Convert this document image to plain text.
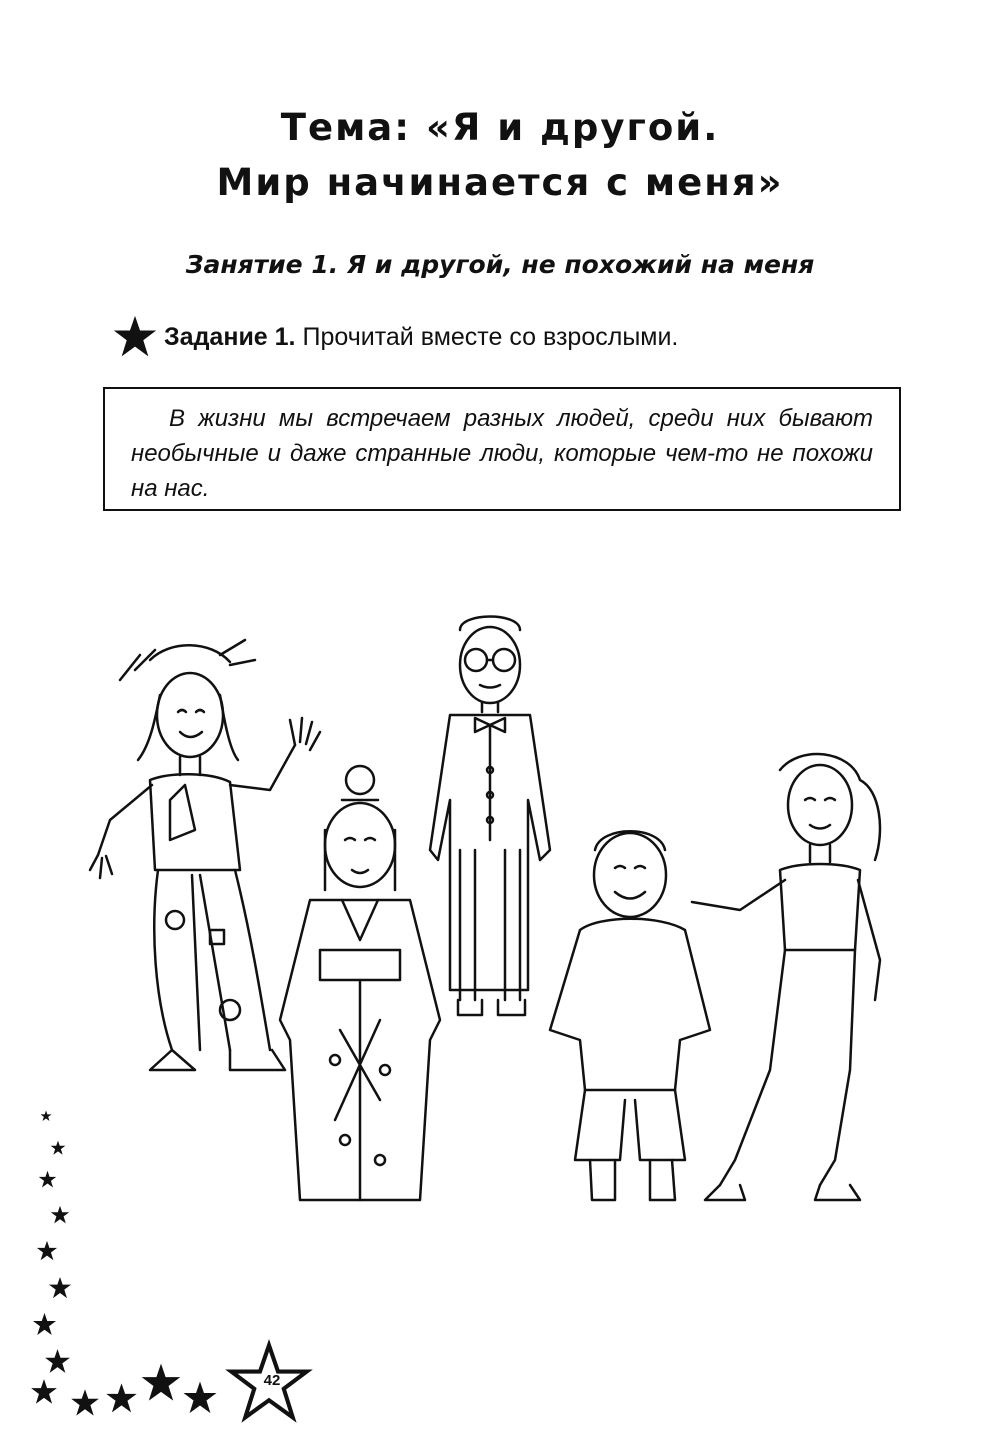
Тема: «Я и другой.
Мир начинается с меня»
Занятие 1. Я и другой, не похожий на меня
Задание 1. Прочитай вместе со взрослыми.

В жизни мы встречаем разных людей, среди них бывают необычные и даже странные люди, которые чем-то не похожи на нас.

42
